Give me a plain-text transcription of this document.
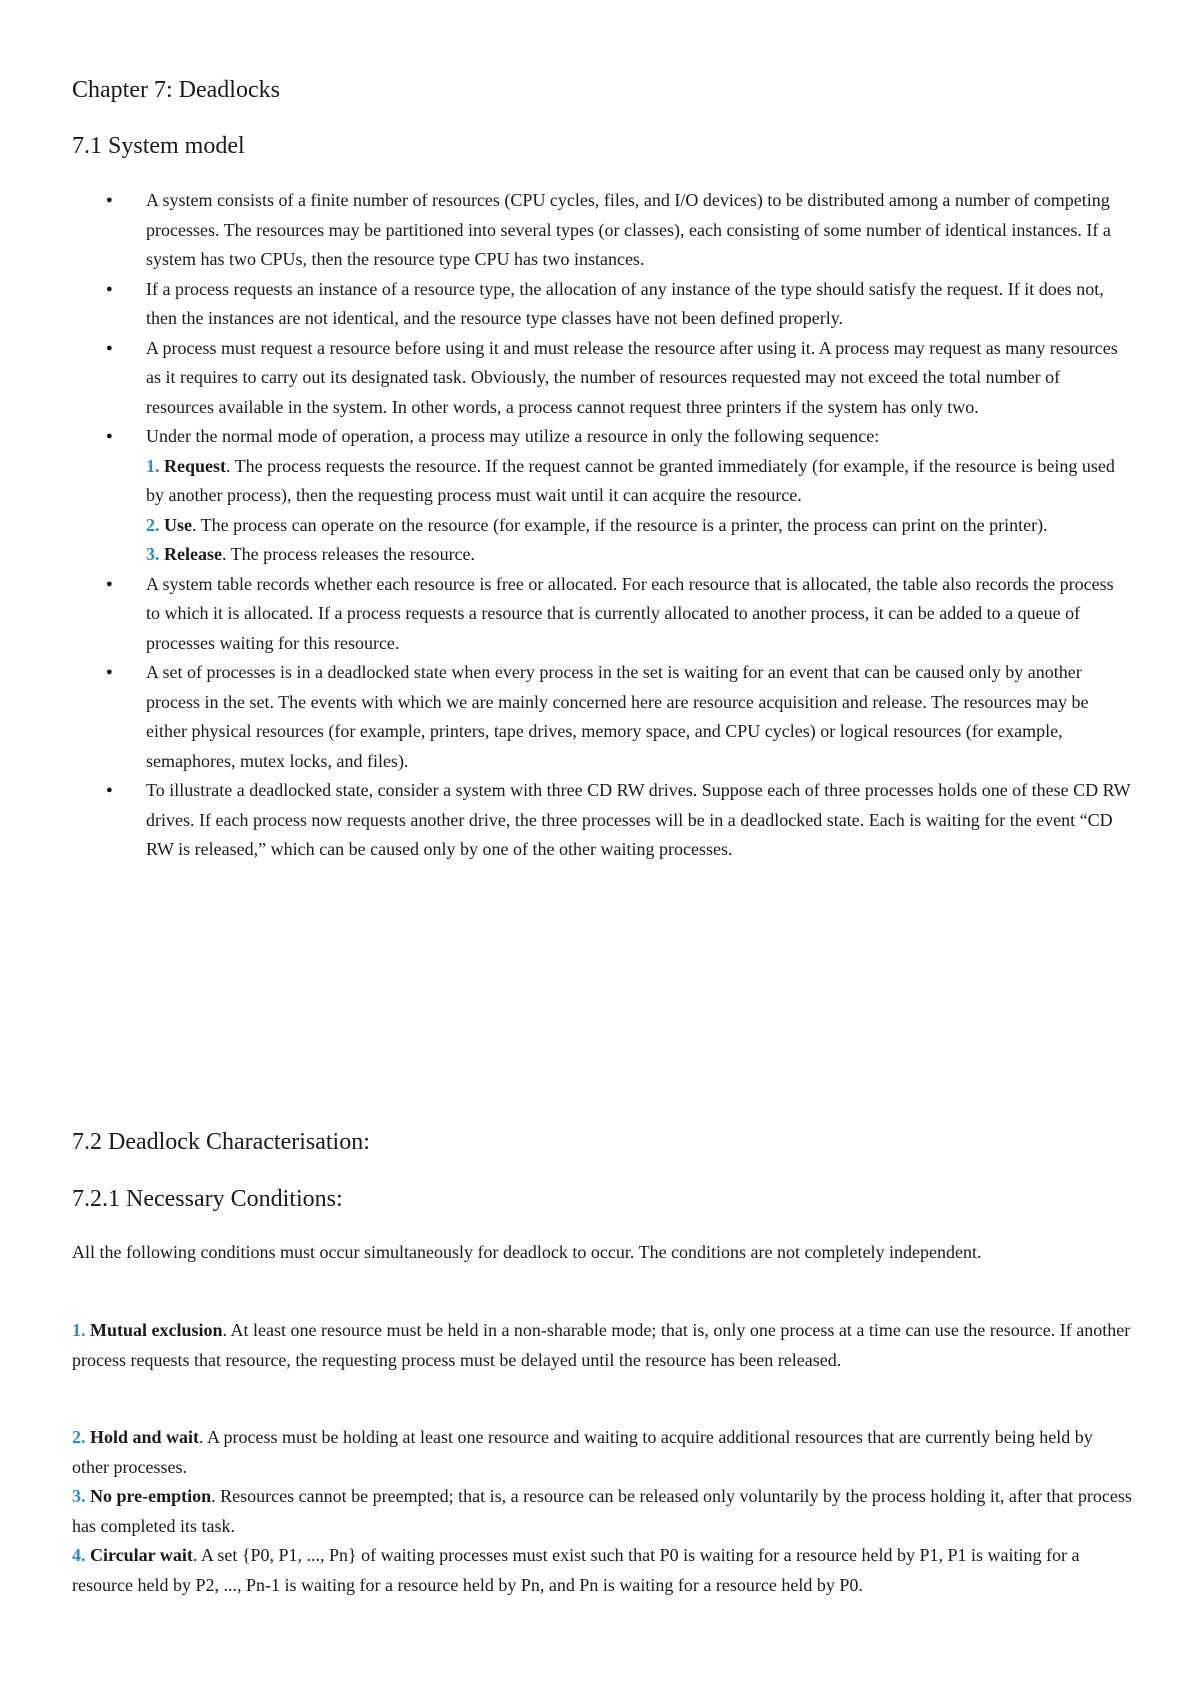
Chapter 7: Deadlocks
7.1 System model
● A system consists of a finite number of resources (CPU cycles, files, and I/O devices) to be distributed among a number of competing processes. The resources may be partitioned into several types (or classes), each consisting of some number of identical instances. If a system has two CPUs, then the resource type CPU has two instances.
● If a process requests an instance of a resource type, the allocation of any instance of the type should satisfy the request. If it does not, then the instances are not identical, and the resource type classes have not been defined properly.
● A process must request a resource before using it and must release the resource after using it. A process may request as many resources as it requires to carry out its designated task. Obviously, the number of resources requested may not exceed the total number of resources available in the system. In other words, a process cannot request three printers if the system has only two.
● Under the normal mode of operation, a process may utilize a resource in only the following sequence:
1. Request. The process requests the resource. If the request cannot be granted immediately (for example, if the resource is being used by another process), then the requesting process must wait until it can acquire the resource.
2. Use. The process can operate on the resource (for example, if the resource is a printer, the process can print on the printer).
3. Release. The process releases the resource.
● A system table records whether each resource is free or allocated. For each resource that is allocated, the table also records the process to which it is allocated. If a process requests a resource that is currently allocated to another process, it can be added to a queue of processes waiting for this resource.
● A set of processes is in a deadlocked state when every process in the set is waiting for an event that can be caused only by another process in the set. The events with which we are mainly concerned here are resource acquisition and release. The resources may be either physical resources (for example, printers, tape drives, memory space, and CPU cycles) or logical resources (for example, semaphores, mutex locks, and files).
● To illustrate a deadlocked state, consider a system with three CD RW drives. Suppose each of three processes holds one of these CD RW drives. If each process now requests another drive, the three processes will be in a deadlocked state. Each is waiting for the event “CD RW is released,” which can be caused only by one of the other waiting processes.
7.2 Deadlock Characterisation:
7.2.1 Necessary Conditions:

All the following conditions must occur simultaneously for deadlock to occur. The conditions are not completely independent.

1. Mutual exclusion. At least one resource must be held in a non-sharable mode; that is, only one process at a time can use the resource. If another process requests that resource, the requesting process must be delayed until the resource has been released.

2. Hold and wait. A process must be holding at least one resource and waiting to acquire additional resources that are currently being held by other processes.

3. No pre-emption. Resources cannot be preempted; that is, a resource can be released only voluntarily by the process holding it, after that process has completed its task.

4. Circular wait. A set {P0, P1, ..., Pn} of waiting processes must exist such that P0 is waiting for a resource held by P1, P1 is waiting for a resource held by P2, ..., Pn-1 is waiting for a resource held by Pn, and Pn is waiting for a resource held by P0.
